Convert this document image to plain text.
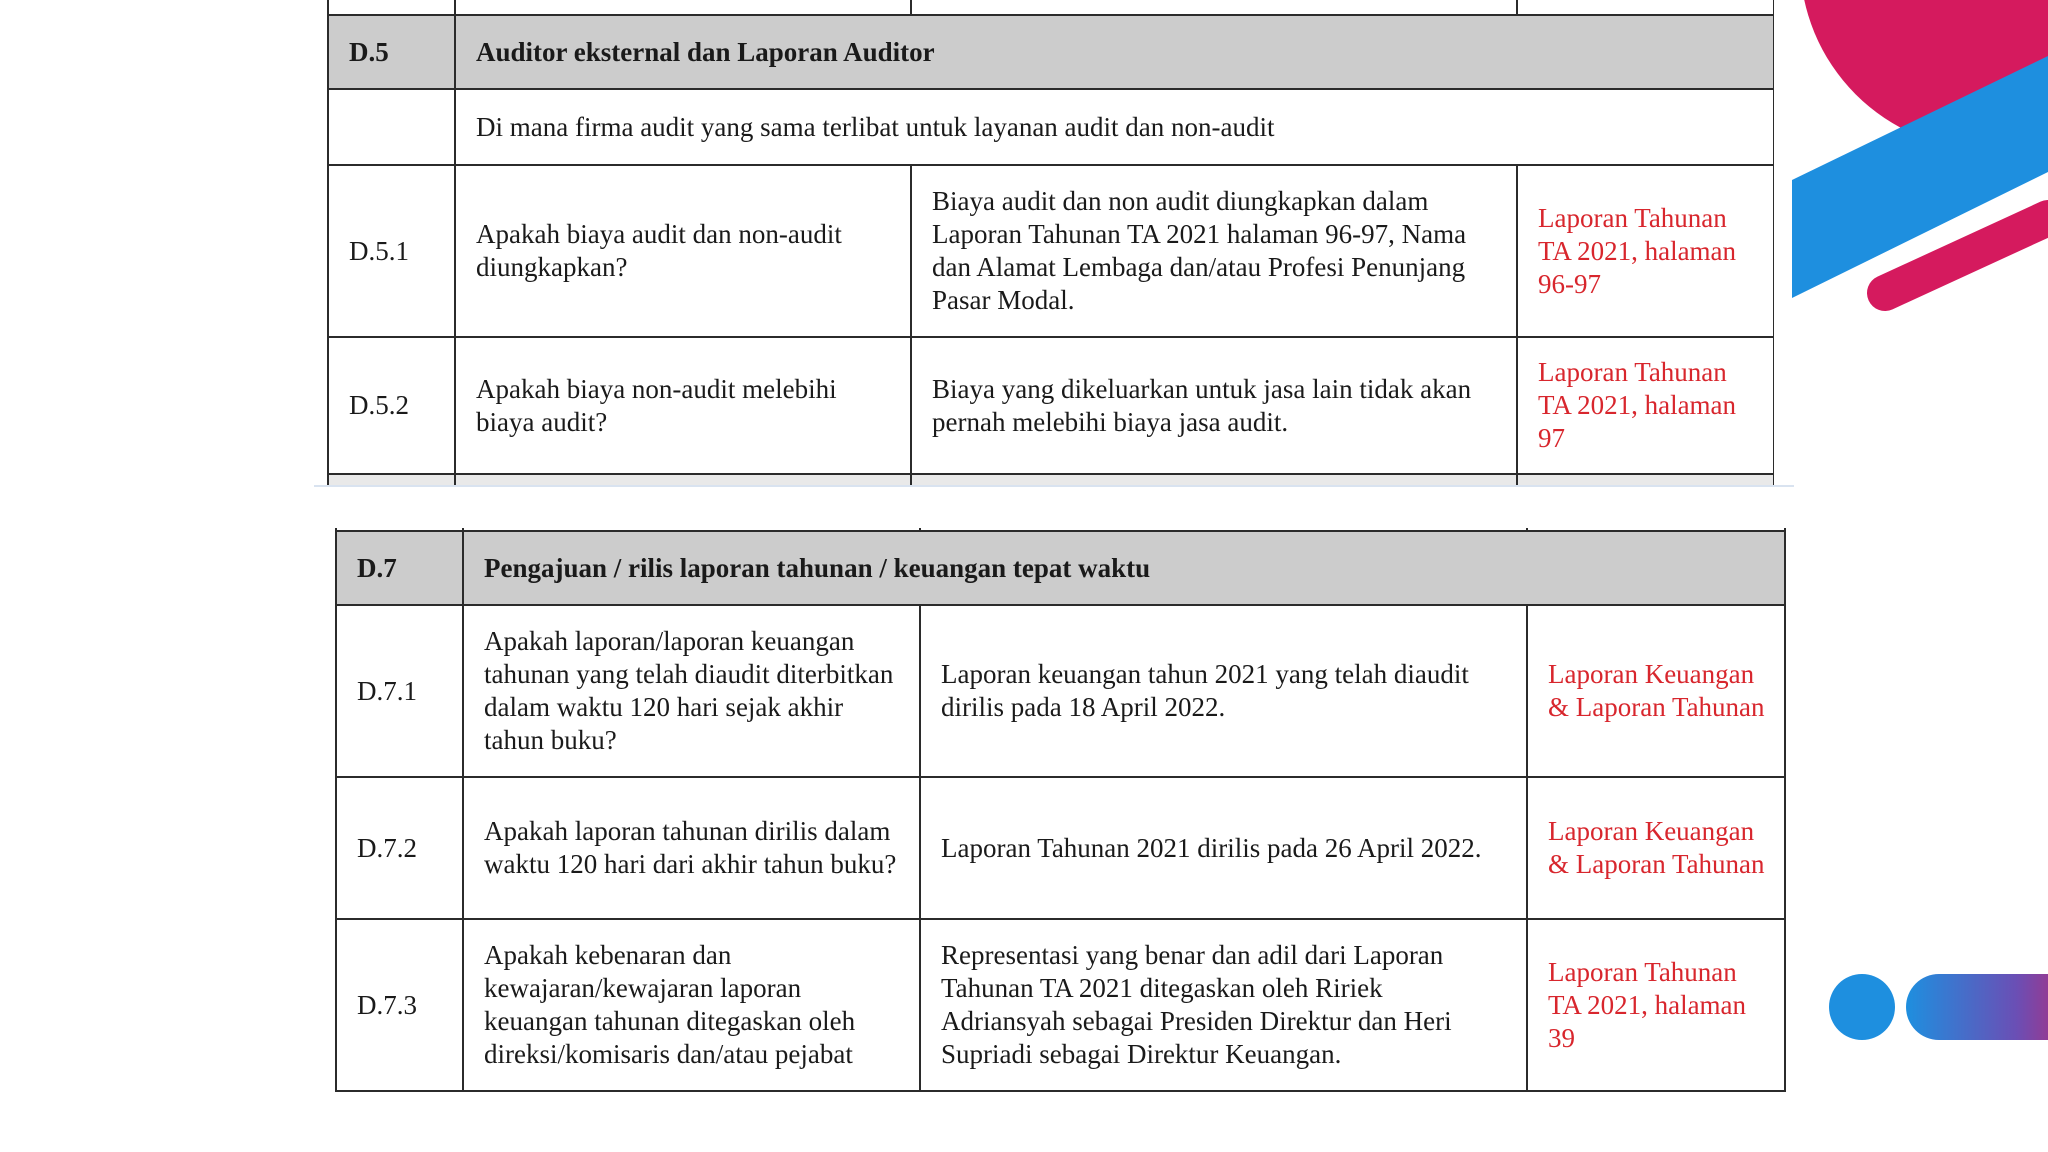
D.5	Auditor eksternal dan Laporan Auditor		
	Di mana firma audit yang sama terlibat untuk layanan audit dan non-audit		
D.5.1	Apakah biaya audit dan non-audit diungkapkan?	Biaya audit dan non audit diungkapkan dalam Laporan Tahunan TA 2021 halaman 96-97, Nama dan Alamat Lembaga dan/atau Profesi Penunjang Pasar Modal.	Laporan Tahunan TA 2021, halaman 96-97
D.5.2	Apakah biaya non-audit melebihi biaya audit?	Biaya yang dikeluarkan untuk jasa lain tidak akan pernah melebihi biaya jasa audit.	Laporan Tahunan TA 2021, halaman 97

D.7	Pengajuan / rilis laporan tahunan / keuangan tepat waktu		
D.7.1	Apakah laporan/laporan keuangan tahunan yang telah diaudit diterbitkan dalam waktu 120 hari sejak akhir tahun buku?	Laporan keuangan tahun 2021 yang telah diaudit dirilis pada 18 April 2022.	Laporan Keuangan & Laporan Tahunan
D.7.2	Apakah laporan tahunan dirilis dalam waktu 120 hari dari akhir tahun buku?	Laporan Tahunan 2021 dirilis pada 26 April 2022.	Laporan Keuangan & Laporan Tahunan
D.7.3	Apakah kebenaran dan kewajaran/kewajaran laporan keuangan tahunan ditegaskan oleh direksi/komisaris dan/atau pejabat	Representasi yang benar dan adil dari Laporan Tahunan TA 2021 ditegaskan oleh Ririek Adriansyah sebagai Presiden Direktur dan Heri Supriadi sebagai Direktur Keuangan.	Laporan Tahunan TA 2021, halaman 39
